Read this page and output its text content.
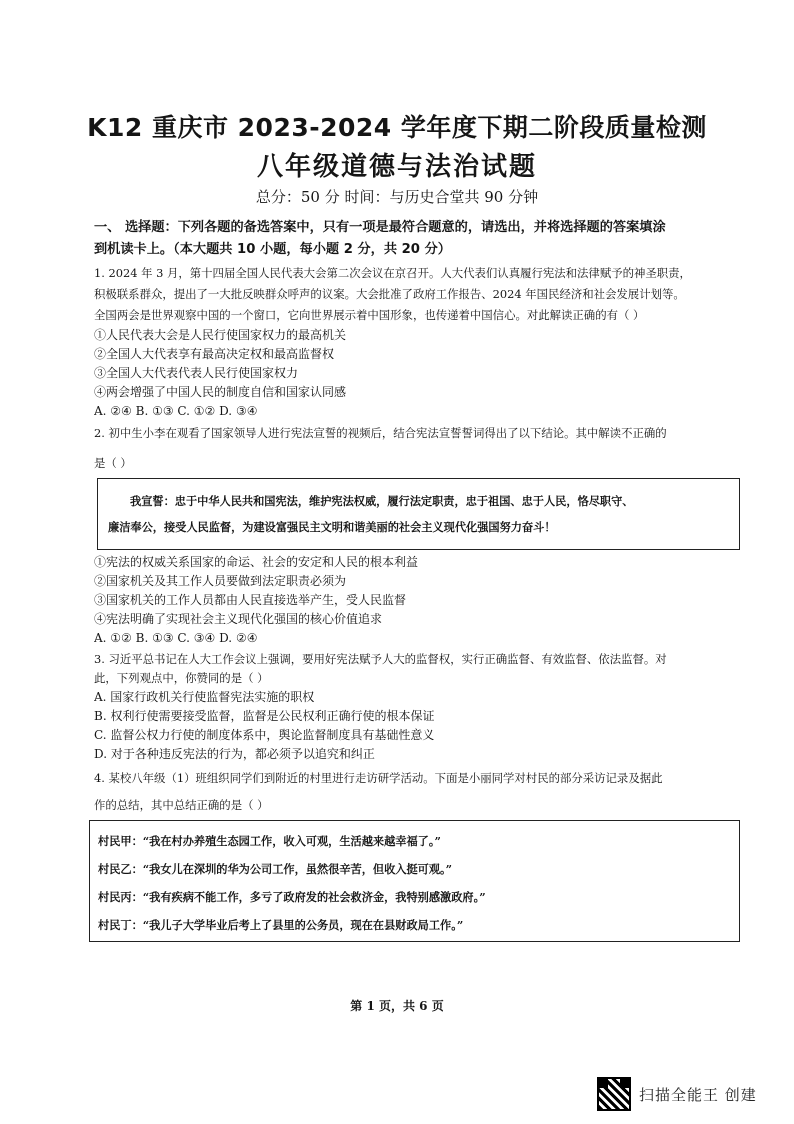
K12 重庆市 2023-2024 学年度下期二阶段质量检测
八年级道德与法治试题
总分：50 分 时间：与历史合堂共 90 分钟
一、 选择题：下列各题的备选答案中，只有一项是最符合题意的，请选出，并将选择题的答案填涂
到机读卡上。（本大题共 10 小题，每小题 2 分，共 20 分）
1. 2024 年 3 月，第十四届全国人民代表大会第二次会议在京召开。人大代表们认真履行宪法和法律赋予的神圣职责，
积极联系群众，提出了一大批反映群众呼声的议案。大会批准了政府工作报告、2024 年国民经济和社会发展计划等。
全国两会是世界观察中国的一个窗口，它向世界展示着中国形象，也传递着中国信心。对此解读正确的有（ ）
①人民代表大会是人民行使国家权力的最高机关
②全国人大代表享有最高决定权和最高监督权
③全国人大代表代表人民行使国家权力
④两会增强了中国人民的制度自信和国家认同感
A. ②④ B. ①③ C. ①② D. ③④
2. 初中生小李在观看了国家领导人进行宪法宣誓的视频后，结合宪法宣誓誓词得出了以下结论。其中解读不正确的
是（ ）
我宣誓：忠于中华人民共和国宪法，维护宪法权威，履行法定职责，忠于祖国、忠于人民，恪尽职守、
廉洁奉公，接受人民监督，为建设富强民主文明和谐美丽的社会主义现代化强国努力奋斗！
①宪法的权威关系国家的命运、社会的安定和人民的根本利益
②国家机关及其工作人员要做到法定职责必须为
③国家机关的工作人员都由人民直接选举产生，受人民监督
④宪法明确了实现社会主义现代化强国的核心价值追求
A. ①② B. ①③ C. ③④ D. ②④
3. 习近平总书记在人大工作会议上强调，要用好宪法赋予人大的监督权，实行正确监督、有效监督、依法监督。对
此，下列观点中，你赞同的是（ ）
A. 国家行政机关行使监督宪法实施的职权
B. 权利行使需要接受监督，监督是公民权利正确行使的根本保证
C. 监督公权力行使的制度体系中，舆论监督制度具有基础性意义
D. 对于各种违反宪法的行为，都必须予以追究和纠正
4. 某校八年级（1）班组织同学们到附近的村里进行走访研学活动。下面是小丽同学对村民的部分采访记录及据此
作的总结，其中总结正确的是（ ）
村民甲：“我在村办养殖生态园工作，收入可观，生活越来越幸福了。”
村民乙：“我女儿在深圳的华为公司工作，虽然很辛苦，但收入挺可观。”
村民丙：“我有疾病不能工作，多亏了政府发的社会救济金，我特别感激政府。”
村民丁：“我儿子大学毕业后考上了县里的公务员，现在在县财政局工作。”
第 1 页，共 6 页
扫描全能王 创建
